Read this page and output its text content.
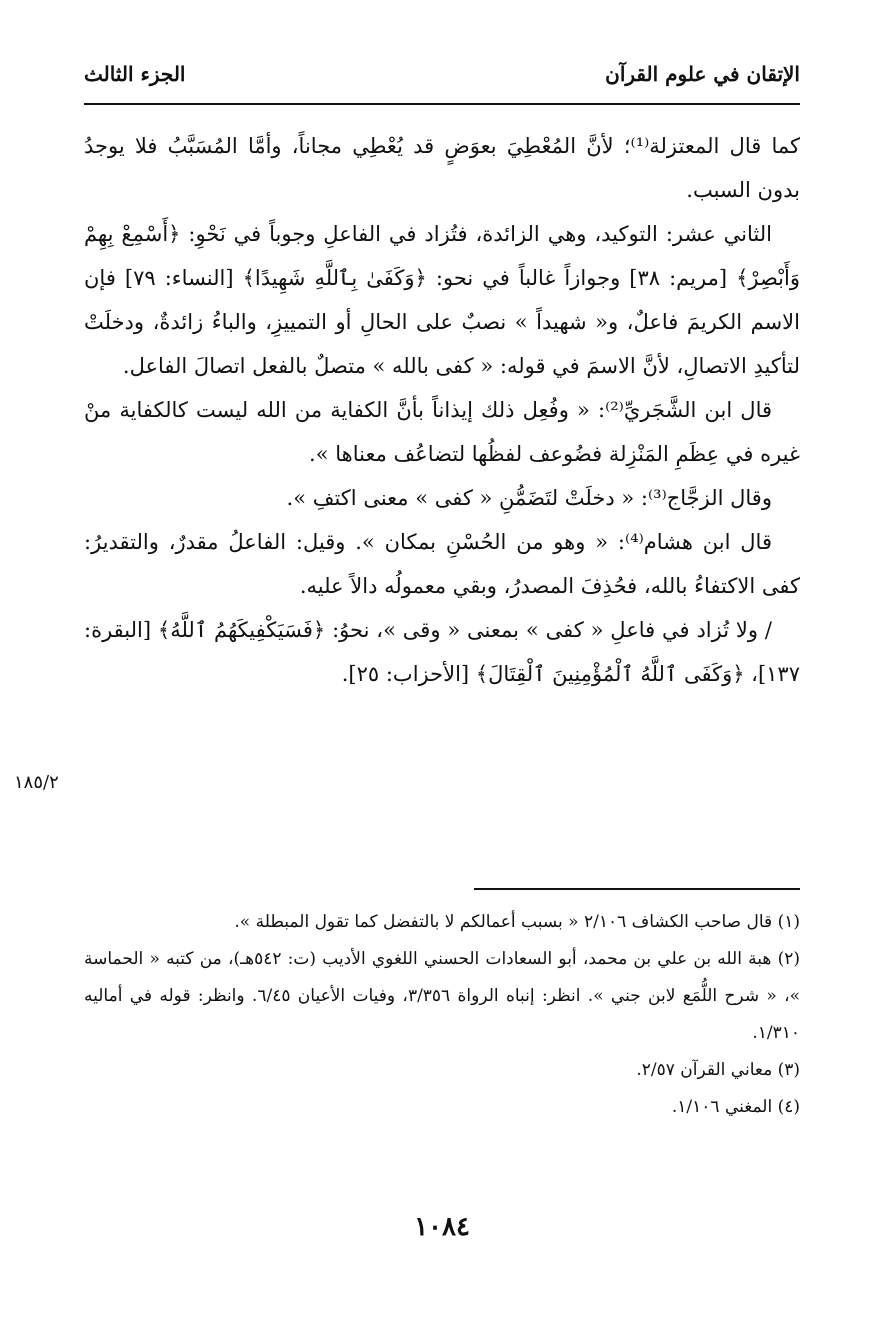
الإتقان في علوم القرآن
الجزء الثالث

كما قال المعتزلة⁽¹⁾؛ لأنَّ المُعْطِيَ بعوَضٍ قد يُعْطِي مجاناً، وأمَّا المُسَبَّبُ فلا يوجدُ بدون السبب.

الثاني عشر: التوكيد، وهي الزائدة، فتُزاد في الفاعلِ وجوباً في نَحْوِ: ﴿أَسْمِعْ بِهِمْ وَأَبْصِرْ﴾ [مريم: ٣٨] وجوازاً غالباً في نحو: ﴿وَكَفَىٰ بِٱللَّهِ شَهِيدًا﴾ [النساء: ٧٩] فإن الاسم الكريمَ فاعلٌ، و« شهيداً » نصبٌ على الحالِ أو التمييزِ، والباءُ زائدةٌ، ودخلَتْ لتأكيدِ الاتصالِ، لأنَّ الاسمَ في قوله: « كفى بالله » متصلٌ بالفعل اتصالَ الفاعل.

قال ابن الشَّجَريِّ⁽²⁾: « وفُعِل ذلك إيذاناً بأنَّ الكفاية من الله ليست كالكفاية منْ غيره في عِظَمِ المَنْزِلة فضُوعف لفظُها لتضاعُف معناها ».

وقال الزجَّاج⁽³⁾: « دخلَتْ لتَضَمُّنِ « كفى » معنى اكتفِ ».

قال ابن هشام⁽⁴⁾: « وهو من الحُسْنِ بمكان ». وقيل: الفاعلُ مقدرٌ، والتقديرُ: كفى الاكتفاءُ بالله، فحُذِفَ المصدرُ، وبقي معمولُه دالاً عليه.

/ ولا تُزاد في فاعلِ « كفى » بمعنى « وقى »، نحوُ: ﴿فَسَيَكْفِيكَهُمُ ٱللَّهُ﴾ [البقرة: ١٣٧]، ﴿وَكَفَى ٱللَّهُ ٱلْمُؤْمِنِينَ ٱلْقِتَالَ﴾ [الأحزاب: ٢٥].

١٨٥/٢

(١) قال صاحب الكشاف ٢/١٠٦ « بسبب أعمالكم لا بالتفضل كما تقول المبطلة ».

(٢) هبة الله بن علي بن محمد، أبو السعادات الحسني اللغوي الأديب (ت: ٥٤٢هـ)، من كتبه « الحماسة »، « شرح اللُّمَع لابن جني ». انظر: إنباه الرواة ٣/٣٥٦، وفيات الأعيان ٦/٤٥. وانظر: قوله في أماليه ١/٣١٠.

(٣) معاني القرآن ٢/٥٧.

(٤) المغني ١/١٠٦.

١٠٨٤
